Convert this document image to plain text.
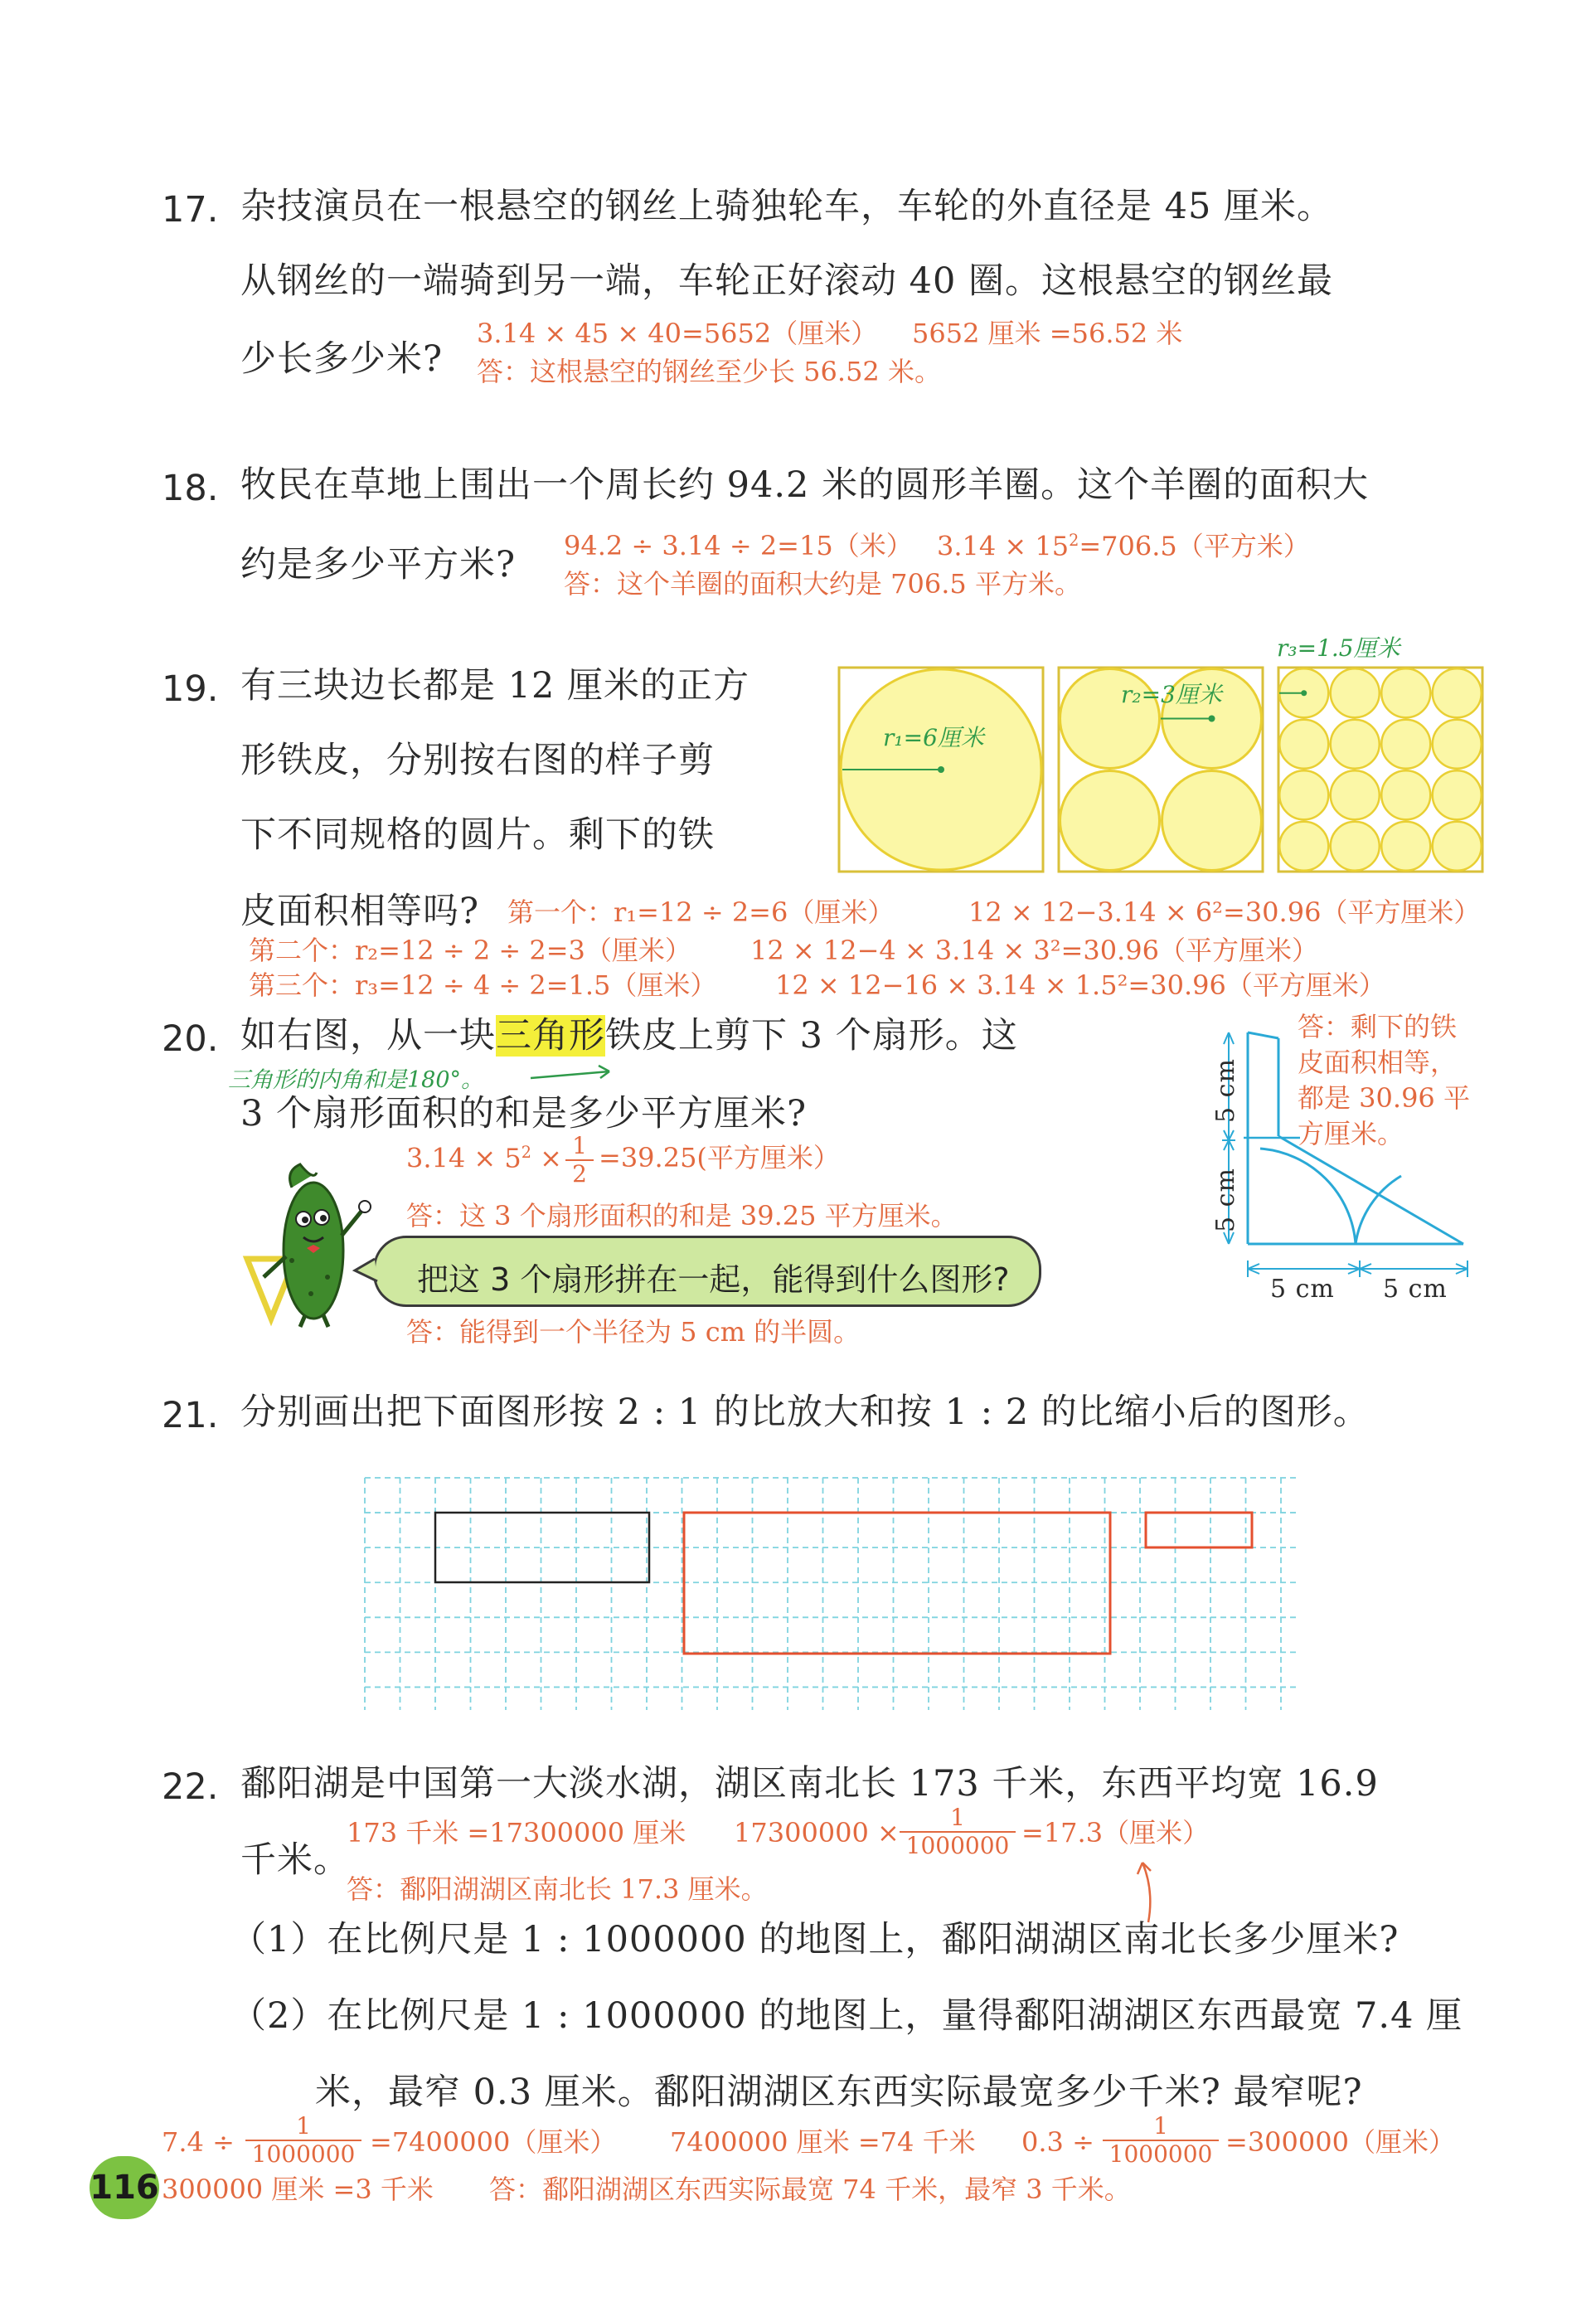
17. 杂技演员在一根悬空的钢丝上骑独轮车，车轮的外直径是 45 厘米。
从钢丝的一端骑到另一端，车轮正好滚动 40 圈。这根悬空的钢丝最
少长多少米?
3.14 × 45 × 40=5652（厘米） 5652 厘米 =56.52 米
答：这根悬空的钢丝至少长 56.52 米。
18. 牧民在草地上围出一个周长约 94.2 米的圆形羊圈。这个羊圈的面积大
约是多少平方米? 94.2 ÷ 3.14 ÷ 2=15（米） $3.14 \times 15^2=706.5$（平方米）
答：这个羊圈的面积大约是 706.5 平方米。
19. 有三块边长都是 12 厘米的正方
形铁皮，分别按右图的样子剪
下不同规格的圆片。剩下的铁
皮面积相等吗?
r₁=6厘米
r₂=3厘米
r₃=1.5厘米
第一个：r₁=12 ÷ 2=6（厘米）	12 × 12−3.14 × 6²=30.96（平方厘米）
第二个：r₂=12 ÷ 2 ÷ 2=3（厘米） 12 × 12−4 × 3.14 × 3²=30.96（平方厘米）
第三个：r₃=12 ÷ 4 ÷ 2=1.5（厘米） 12 × 12−16 × 3.14 × 1.5²=30.96（平方厘米）
20. 如右图，从一块三角形铁皮上剪下 3 个扇形。这
三角形的内角和是180°。
3 个扇形面积的和是多少平方厘米?
$3.14 \times 5^2 \times 1$
2
=39.25(平方厘米）
答：这 3 个扇形面积的和是 39.25 平方厘米。
把这 3 个扇形拼在一起，能得到什么图形?
答：能得到一个半径为 5 cm 的半圆。
5 cm
5 cm
5 cm 5 cm
答：剩下的铁
皮面积相等，
都是 30.96 平
方厘米。
21. 分别画出把下面图形按 2 : 1 的比放大和按 1 : 2 的比缩小后的图形。
22. 鄱阳湖是中国第一大淡水湖，湖区南北长 173 千米，东西平均宽 16.9
千米。
173 千米 =17300000 厘米 17300000 ×	1
1000000 =17.3（厘米）
答：鄱阳湖湖区南北长 17.3 厘米。
（1）在比例尺是 1 : 1000000 的地图上，鄱阳湖湖区南北长多少厘米?
（2）在比例尺是 1 : 1000000 的地图上，量得鄱阳湖湖区东西最宽 7.4 厘
米，最窄 0.3 厘米。鄱阳湖湖区东西实际最宽多少千米? 最窄呢?
7.4 ÷
1
1000000 =7400000（厘米） 7400000 厘米 =74 千米 0.3 ÷
1
1000000 =300000（厘米）
116 300000 厘米 =3 千米 答：鄱阳湖湖区东西实际最宽 74 千米，最窄 3 千米。
